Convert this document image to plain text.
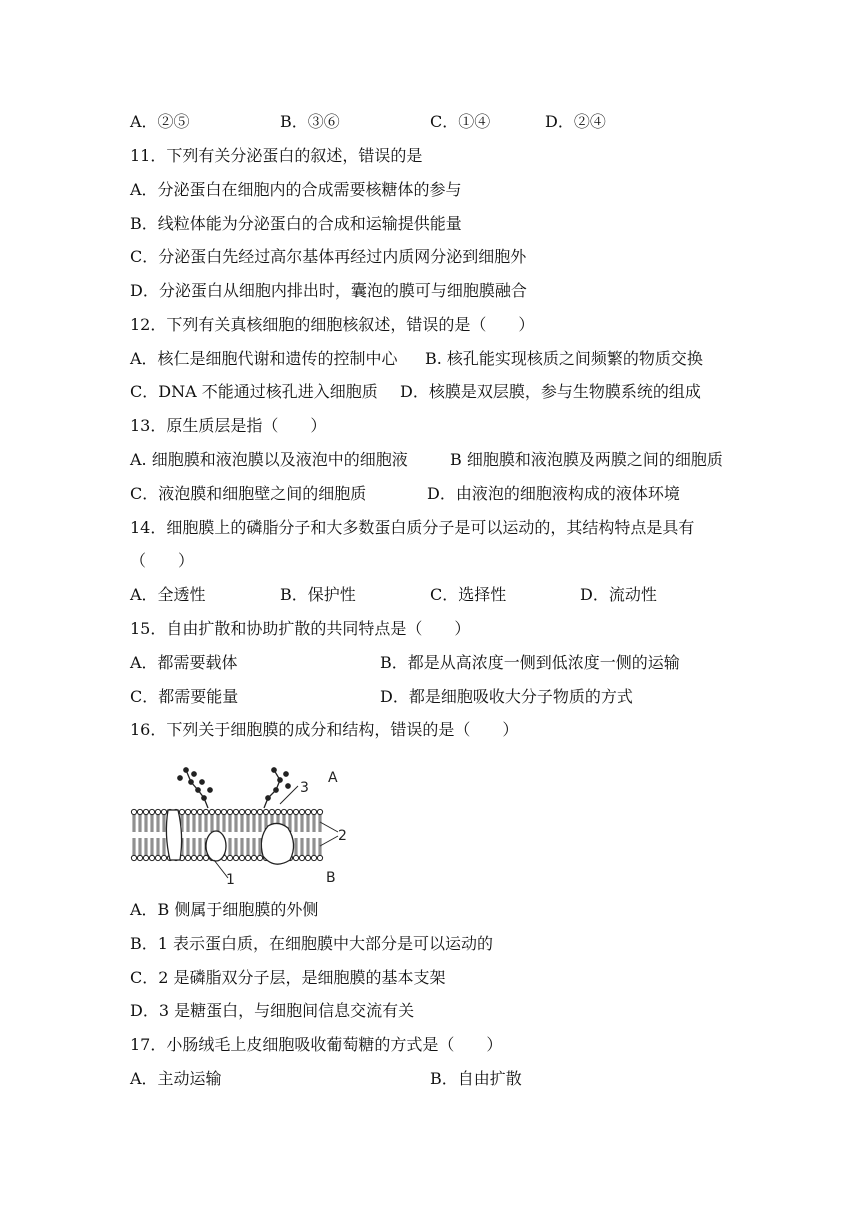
A．②⑤	B．③⑥	C．①④	D．②④
11．下列有关分泌蛋白的叙述，错误的是
A．分泌蛋白在细胞内的合成需要核糖体的参与
B．线粒体能为分泌蛋白的合成和运输提供能量
C．分泌蛋白先经过高尔基体再经过内质网分泌到细胞外
D．分泌蛋白从细胞内排出时，囊泡的膜可与细胞膜融合
12．下列有关真核细胞的细胞核叙述，错误的是（　　）
A．核仁是细胞代谢和遗传的控制中心 B. 核孔能实现核质之间频繁的物质交换
C．DNA 不能通过核孔进入细胞质 D．核膜是双层膜，参与生物膜系统的组成
13．原生质层是指（　　）
A. 细胞膜和液泡膜以及液泡中的细胞液	B 细胞膜和液泡膜及两膜之间的细胞质
C．液泡膜和细胞壁之间的细胞质	D．由液泡的细胞液构成的液体环境
14．细胞膜上的磷脂分子和大多数蛋白质分子是可以运动的，其结构特点是具有
（　　）
A．全透性	B．保护性	C．选择性	D．流动性
15．自由扩散和协助扩散的共同特点是（　　）
A．都需要载体	B．都是从高浓度一侧到低浓度一侧的运输
C．都需要能量	D．都是细胞吸收大分子物质的方式
16．下列关于细胞膜的成分和结构，错误的是（　　）
A
3
2
1	B
A．B 侧属于细胞膜的外侧
B．1 表示蛋白质，在细胞膜中大部分是可以运动的
C．2 是磷脂双分子层，是细胞膜的基本支架
D．3 是糖蛋白，与细胞间信息交流有关
17．小肠绒毛上皮细胞吸收葡萄糖的方式是（　　）
A．主动运输	B．自由扩散
